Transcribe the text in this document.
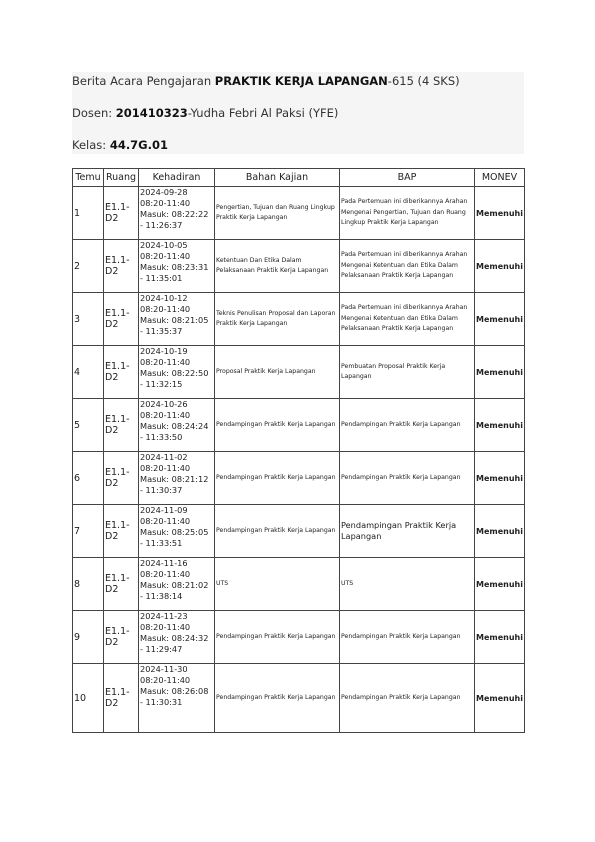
Berita Acara Pengajaran PRAKTIK KERJA LAPANGAN-615 (4 SKS)
Dosen: 201410323-Yudha Febri Al Paksi (YFE)
Kelas: 44.7G.01
Temu	Ruang	Kehadiran	Bahan Kajian	BAP	MONEV
1	E1.1-D2	2024-09-28 08:20-11:40 Masuk: 08:22:22 - 11:26:37	Pengertian, Tujuan dan Ruang Lingkup Praktik Kerja Lapangan	Pada Pertemuan ini diberikannya Arahan Mengenai Pengertian, Tujuan dan Ruang Lingkup Praktik Kerja Lapangan	Memenuhi
2	E1.1-D2	2024-10-05 08:20-11:40 Masuk: 08:23:31 - 11:35:01	Ketentuan Dan Etika Dalam Pelaksanaan Praktik Kerja Lapangan	Pada Pertemuan ini diberikannya Arahan Mengenai Ketentuan dan Etika Dalam Pelaksanaan Praktik Kerja Lapangan	Memenuhi
3	E1.1-D2	2024-10-12 08:20-11:40 Masuk: 08:21:05 - 11:35:37	Teknis Penulisan Proposal dan Laporan Praktik Kerja Lapangan	Pada Pertemuan ini diberikannya Arahan Mengenai Ketentuan dan Etika Dalam Pelaksanaan Praktik Kerja Lapangan	Memenuhi
4	E1.1-D2	2024-10-19 08:20-11:40 Masuk: 08:22:50 - 11:32:15	Proposal Praktik Kerja Lapangan	Pembuatan Proposal Praktik Kerja Lapangan	Memenuhi
5	E1.1-D2	2024-10-26 08:20-11:40 Masuk: 08:24:24 - 11:33:50	Pendampingan Praktik Kerja Lapangan	Pendampingan Praktik Kerja Lapangan	Memenuhi
6	E1.1-D2	2024-11-02 08:20-11:40 Masuk: 08:21:12 - 11:30:37	Pendampingan Praktik Kerja Lapangan	Pendampingan Praktik Kerja Lapangan	Memenuhi
7	E1.1-D2	2024-11-09 08:20-11:40 Masuk: 08:25:05 - 11:33:51	Pendampingan Praktik Kerja Lapangan	Pendampingan Praktik Kerja Lapangan	Memenuhi
8	E1.1-D2	2024-11-16 08:20-11:40 Masuk: 08:21:02 - 11:38:14	UTS	UTS	Memenuhi
9	E1.1-D2	2024-11-23 08:20-11:40 Masuk: 08:24:32 - 11:29:47	Pendampingan Praktik Kerja Lapangan	Pendampingan Praktik Kerja Lapangan	Memenuhi
10	E1.1-D2	2024-11-30 08:20-11:40 Masuk: 08:26:08 - 11:30:31	Pendampingan Praktik Kerja Lapangan	Pendampingan Praktik Kerja Lapangan	Memenuhi
